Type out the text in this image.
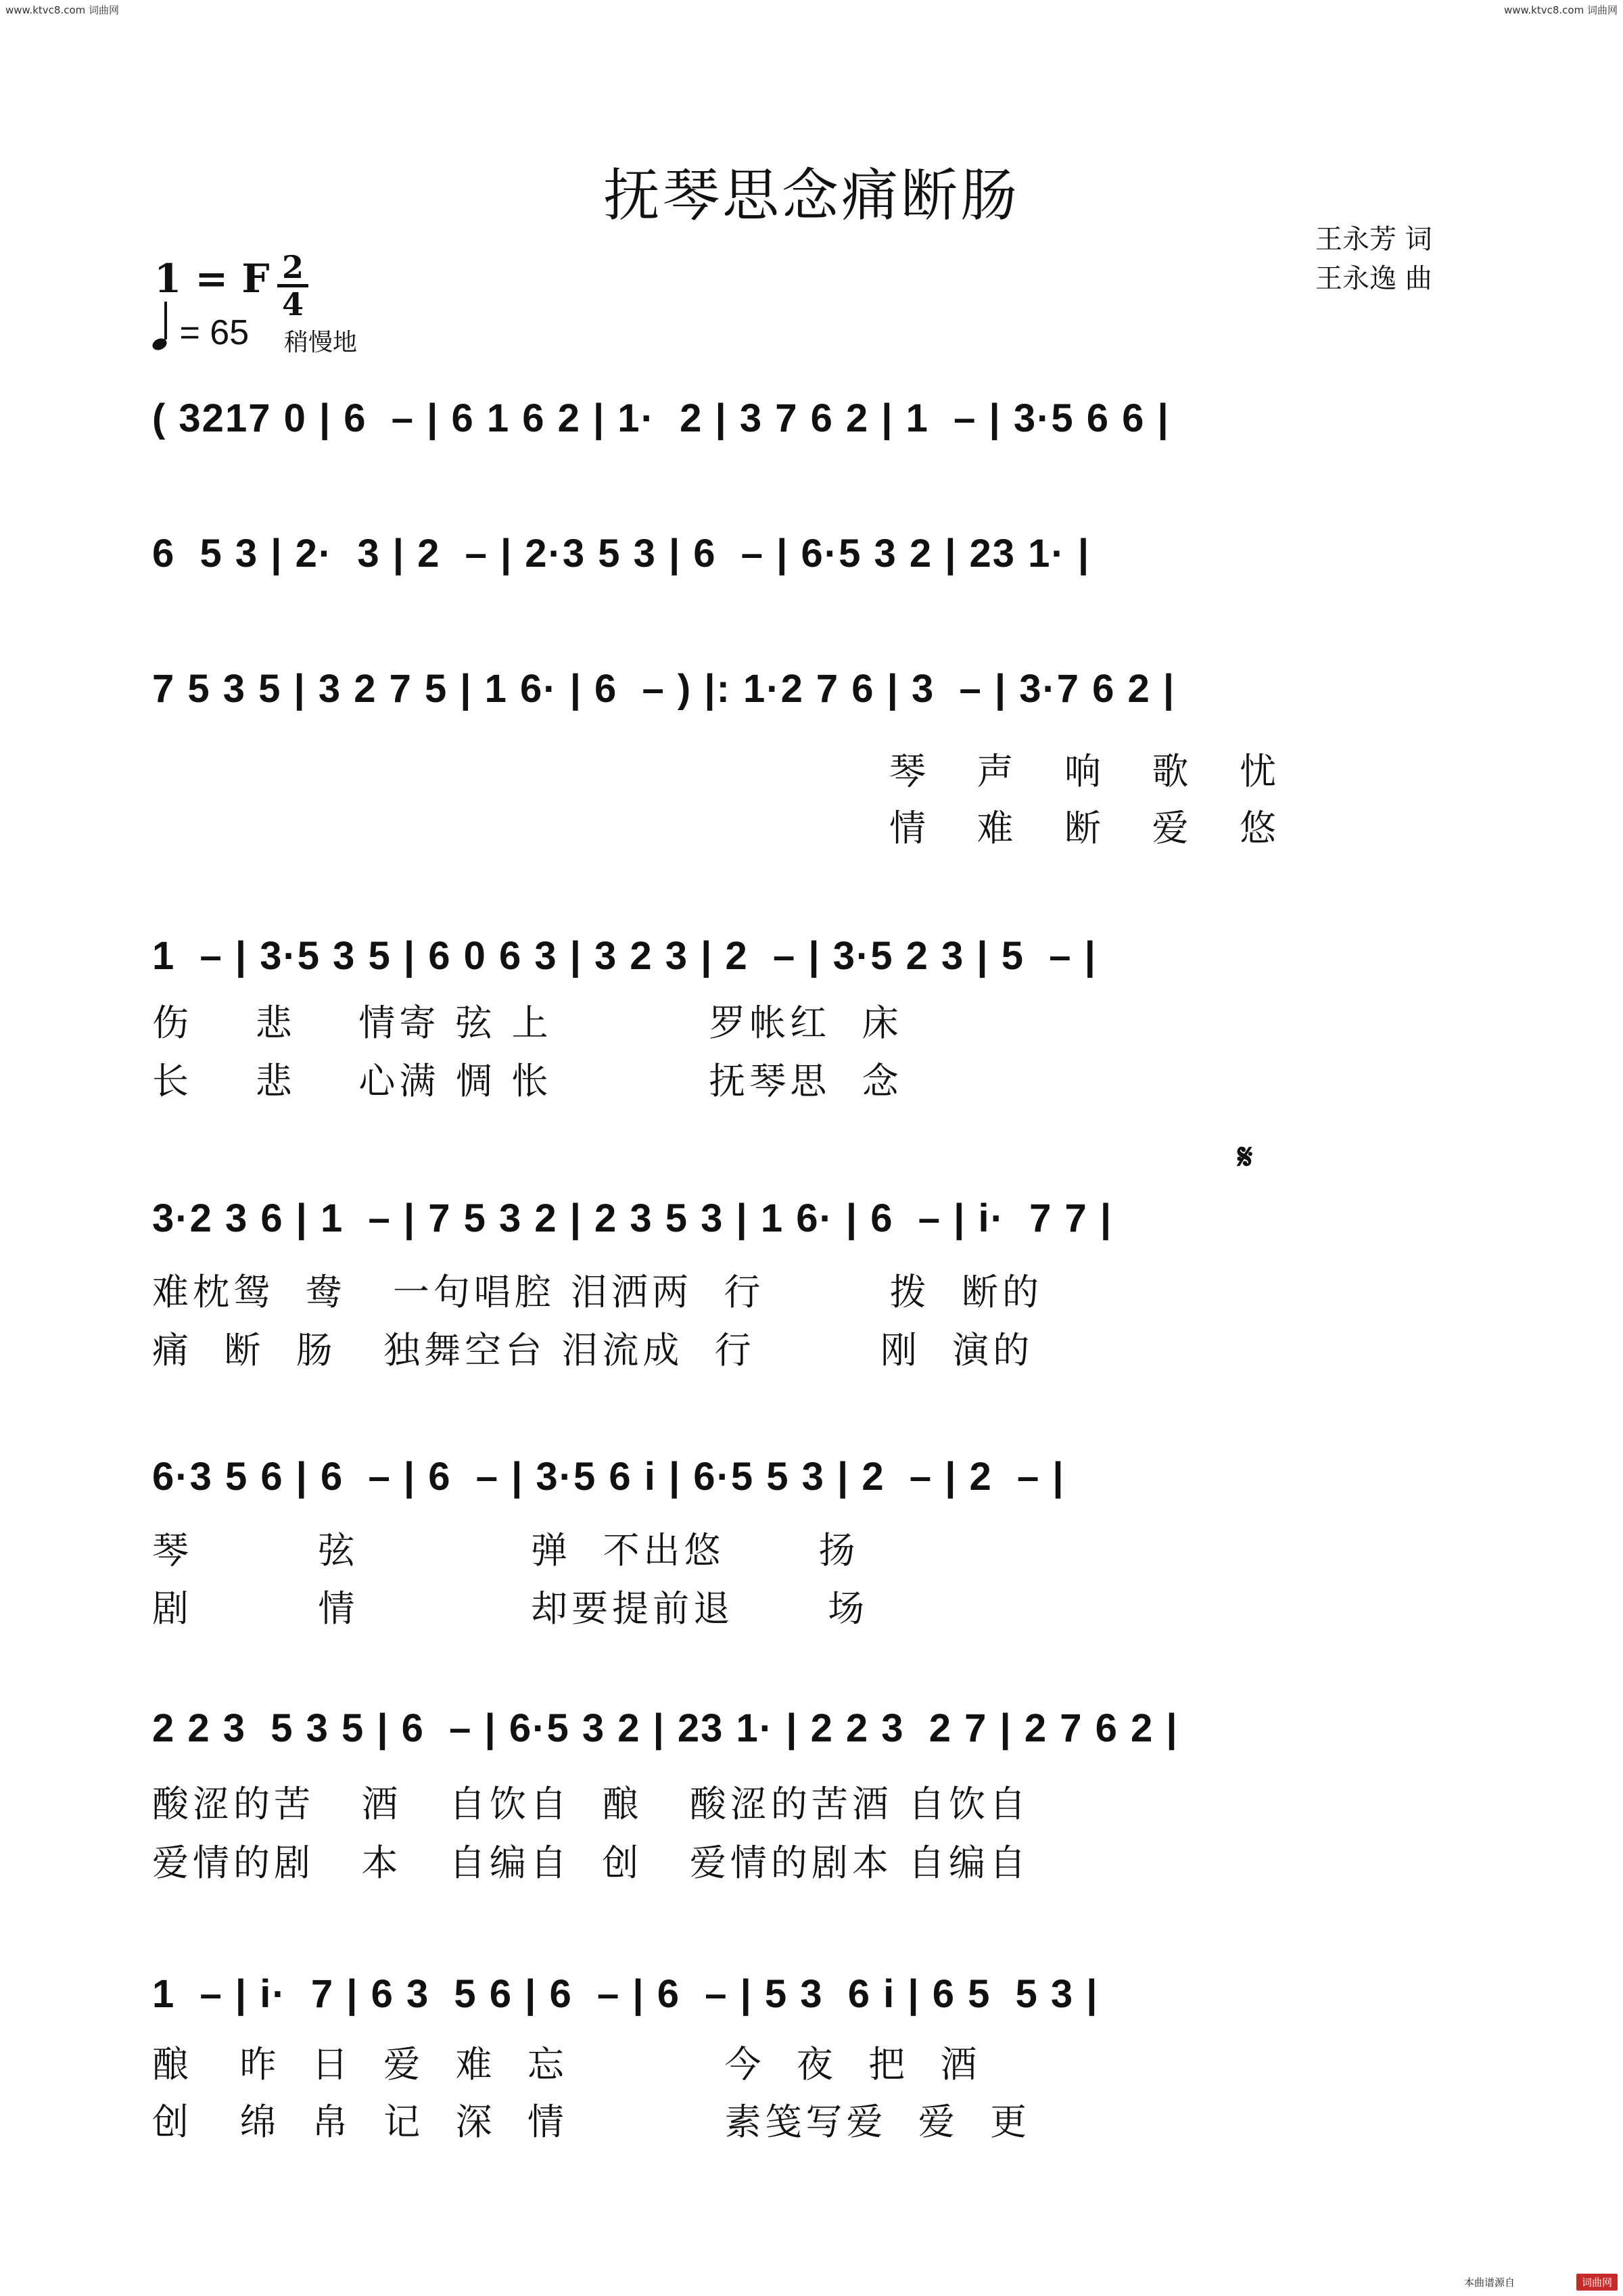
www.ktvc8.com 词曲网	www.ktvc8.com 词曲网
抚琴思念痛断肠
王永芳 词
王永逸 曲
1 = F 2
4
= 65 稍慢地
𝄋
( 3217 0 | 6  – | 6 1 6 2 | 1·  2 | 3 7 6 2 | 1  – | 3·5 6 6 |
6  5 3 | 2·  3 | 2  – | 2·3 5 3 | 6  – | 6·5 3 2 | 23 1· |
7 5 3 5 | 3 2 7 5 | 1 6· | 6  – ) |: 1·2 7 6 | 3  – | 3·7 6 2 |
琴   声   响   歌   忧
情   难   断   爱   悠
1  – | 3·5 3 5 | 6 0 6 3 | 3 2 3 | 2  – | 3·5 2 3 | 5  – |
伤    悲    情寄 弦 上          罗帐红  床
长    悲    心满 惆 怅          抚琴思  念
3·2 3 6 | 1  – | 7 5 3 2 | 2 3 5 3 | 1 6· | 6  – | i·  7 7 |
难枕鸳  鸯   一句唱腔 泪洒两  行        拨  断的
痛  断  肠   独舞空台 泪流成  行        刚  演的
6·3 5 6 | 6  – | 6  – | 3·5 6 i | 6·5 5 3 | 2  – | 2  – |
琴        弦           弹  不出悠      扬
剧        情           却要提前退      场
2 2 3  5 3 5 | 6  – | 6·5 3 2 | 23 1· | 2 2 3  2 7 | 2 7 6 2 |
酸涩的苦   酒   自饮自  酿   酸涩的苦酒 自饮自
爱情的剧   本   自编自  创   爱情的剧本 自编自
1  – | i·  7 | 6 3  5 6 | 6  – | 6  – | 5 3  6 i | 6 5  5 3 |
酿   昨  日  爱  难  忘          今  夜  把  酒
创   绵  帛  记  深  情          素笺写爱  爱  更
本曲谱源自	词曲网
